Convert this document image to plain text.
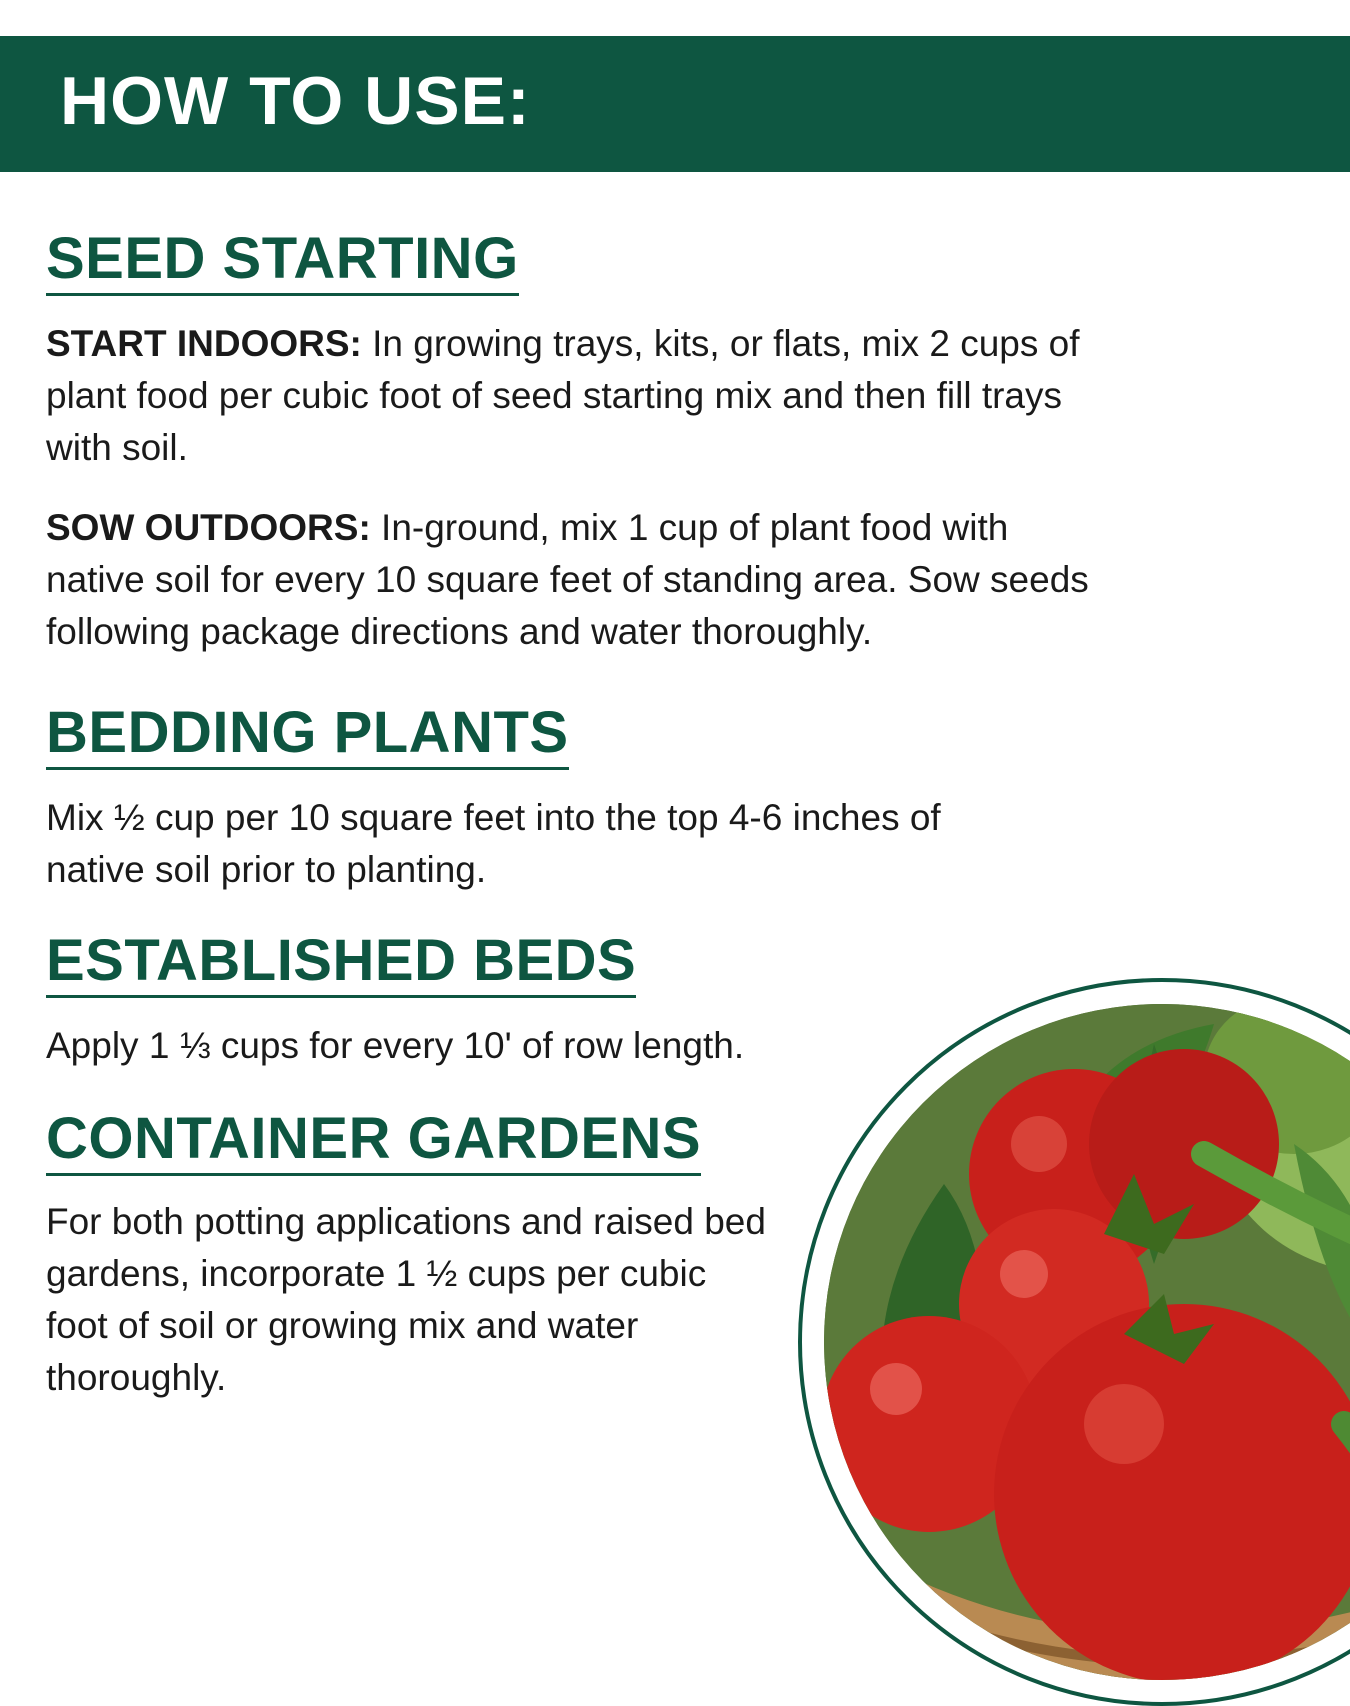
HOW TO USE:
SEED STARTING

START INDOORS: In growing trays, kits, or flats, mix 2 cups of plant food per cubic foot of seed starting mix and then fill trays with soil.

SOW OUTDOORS: In-ground, mix 1 cup of plant food with native soil for every 10 square feet of standing area. Sow seeds following package directions and water thoroughly.

BEDDING PLANTS

Mix ½ cup per 10 square feet into the top 4-6 inches of native soil prior to planting.

ESTABLISHED BEDS

Apply 1 ⅓ cups for every 10' of row length.

CONTAINER GARDENS

For both potting applications and raised bed gardens, incorporate 1 ½ cups per cubic foot of soil or growing mix and water thoroughly.
